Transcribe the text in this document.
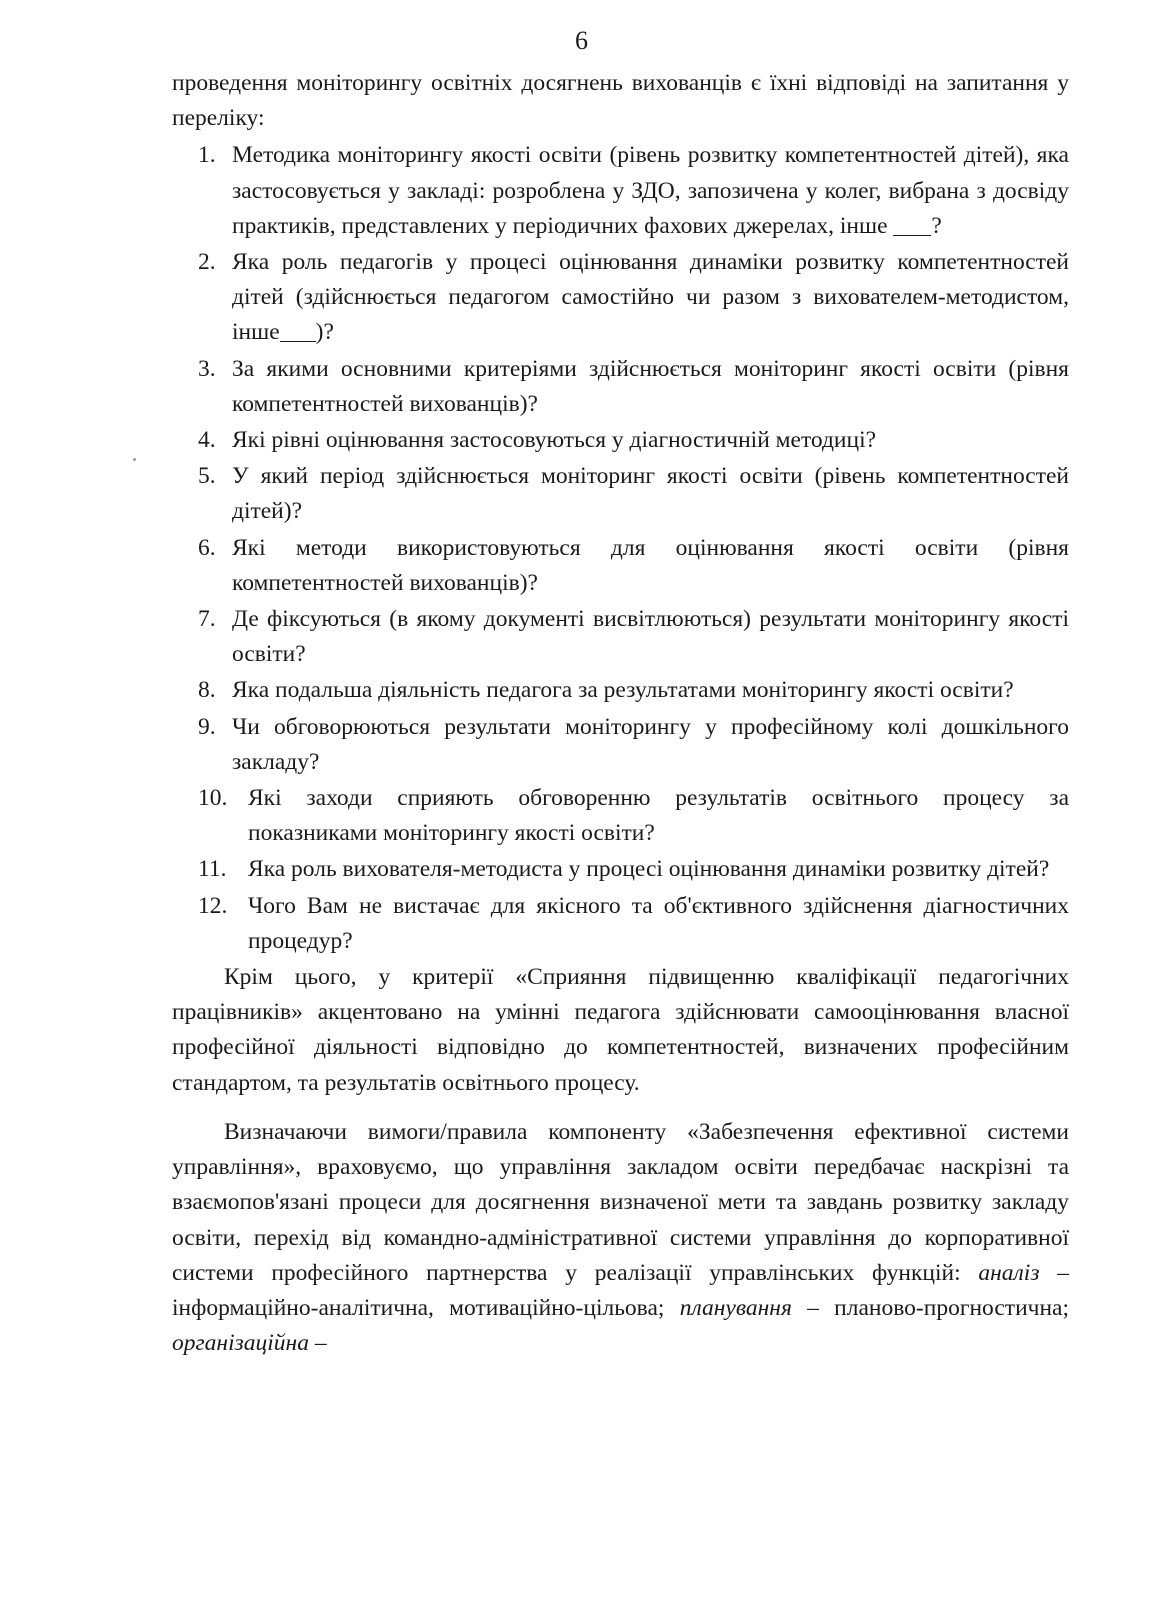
6

проведення моніторингу освітніх досягнень вихованців є їхні відповіді на запитання у переліку:

1. Методика моніторингу якості освіти (рівень розвитку компетентностей дітей), яка застосовується у закладі: розроблена у ЗДО, запозичена у колег, вибрана з досвіду практиків, представлених у періодичних фахових джерелах, інше ?
2. Яка роль педагогів у процесі оцінювання динаміки розвитку компетентностей дітей (здійснюється педагогом самостійно чи разом з вихователем-методистом, інше )?
3. За якими основними критеріями здійснюється моніторинг якості освіти (рівня компетентностей вихованців)?
4. Які рівні оцінювання застосовуються у діагностичній методиці?
5. У який період здійснюється моніторинг якості освіти (рівень компетентностей дітей)?
6. Які методи використовуються для оцінювання якості освіти (рівня компетентностей вихованців)?
7. Де фіксуються (в якому документі висвітлюються) результати моніторингу якості освіти?
8. Яка подальша діяльність педагога за результатами моніторингу якості освіти?
9. Чи обговорюються результати моніторингу у професійному колі дошкільного закладу?
10. Які заходи сприяють обговоренню результатів освітнього процесу за показниками моніторингу якості освіти?
11. Яка роль вихователя-методиста у процесі оцінювання динаміки розвитку дітей?
12. Чого Вам не вистачає для якісного та об'єктивного здійснення діагностичних процедур?

Крім цього, у критерії «Сприяння підвищенню кваліфікації педагогічних працівників» акцентовано на умінні педагога здійснювати самооцінювання власної професійної діяльності відповідно до компетентностей, визначених професійним стандартом, та результатів освітнього процесу.

Визначаючи вимоги/правила компоненту «Забезпечення ефективної системи управління», враховуємо, що управління закладом освіти передбачає наскрізні та взаємопов'язані процеси для досягнення визначеної мети та завдань розвитку закладу освіти, перехід від командно-адміністративної системи управління до корпоративної системи професійного партнерства у реалізації управлінських функцій: аналіз – інформаційно-аналітична, мотиваційно-цільова; планування – планово-прогностична; організаційна –
